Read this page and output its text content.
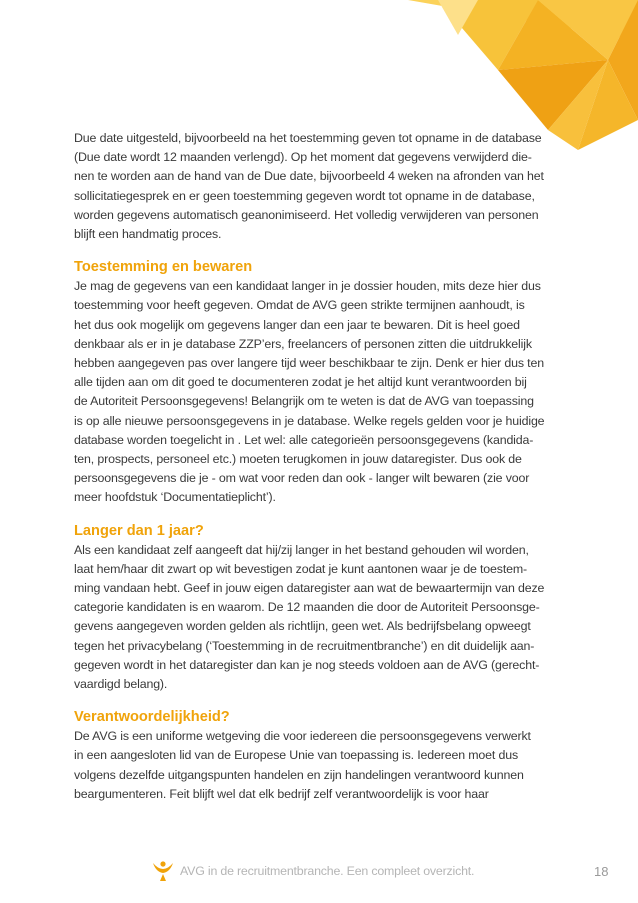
Due date uitgesteld, bijvoorbeeld na het toestemming geven tot opname in de database
(Due date wordt 12 maanden verlengd). Op het moment dat gegevens verwijderd die-
nen te worden aan de hand van de Due date, bijvoorbeeld 4 weken na afronden van het
sollicitatiegesprek en er geen toestemming gegeven wordt tot opname in de database,
worden gegevens automatisch geanonimiseerd. Het volledig verwijderen van personen
blijft een handmatig proces.

Toestemming en bewaren

Je mag de gegevens van een kandidaat langer in je dossier houden, mits deze hier dus
toestemming voor heeft gegeven. Omdat de AVG geen strikte termijnen aanhoudt, is
het dus ook mogelijk om gegevens langer dan een jaar te bewaren. Dit is heel goed
denkbaar als er in je database ZZP’ers, freelancers of personen zitten die uitdrukkelijk
hebben aangegeven pas over langere tijd weer beschikbaar te zijn. Denk er hier dus ten
alle tijden aan om dit goed te documenteren zodat je het altijd kunt verantwoorden bij
de Autoriteit Persoonsgegevens! Belangrijk om te weten is dat de AVG van toepassing
is op alle nieuwe persoonsgegevens in je database. Welke regels gelden voor je huidige
database worden toegelicht in . Let wel: alle categorieën persoonsgegevens (kandida-
ten, prospects, personeel etc.) moeten terugkomen in jouw dataregister. Dus ook de
persoonsgegevens die je - om wat voor reden dan ook - langer wilt bewaren (zie voor
meer hoofdstuk ‘Documentatieplicht’).

Langer dan 1 jaar?

Als een kandidaat zelf aangeeft dat hij/zij langer in het bestand gehouden wil worden,
laat hem/haar dit zwart op wit bevestigen zodat je kunt aantonen waar je de toestem-
ming vandaan hebt. Geef in jouw eigen dataregister aan wat de bewaartermijn van deze
categorie kandidaten is en waarom. De 12 maanden die door de Autoriteit Persoonsge-
gevens aangegeven worden gelden als richtlijn, geen wet. Als bedrijfsbelang opweegt
tegen het privacybelang (‘Toestemming in de recruitmentbranche’) en dit duidelijk aan-
gegeven wordt in het dataregister dan kan je nog steeds voldoen aan de AVG (gerecht-
vaardigd belang).

Verantwoordelijkheid?

De AVG is een uniforme wetgeving die voor iedereen die persoonsgegevens verwerkt
in een aangesloten lid van de Europese Unie van toepassing is. Iedereen moet dus
volgens dezelfde uitgangspunten handelen en zijn handelingen verantwoord kunnen
beargumenteren. Feit blijft wel dat elk bedrijf zelf verantwoordelijk is voor haar

AVG in de recruitmentbranche. Een compleet overzicht.	18
